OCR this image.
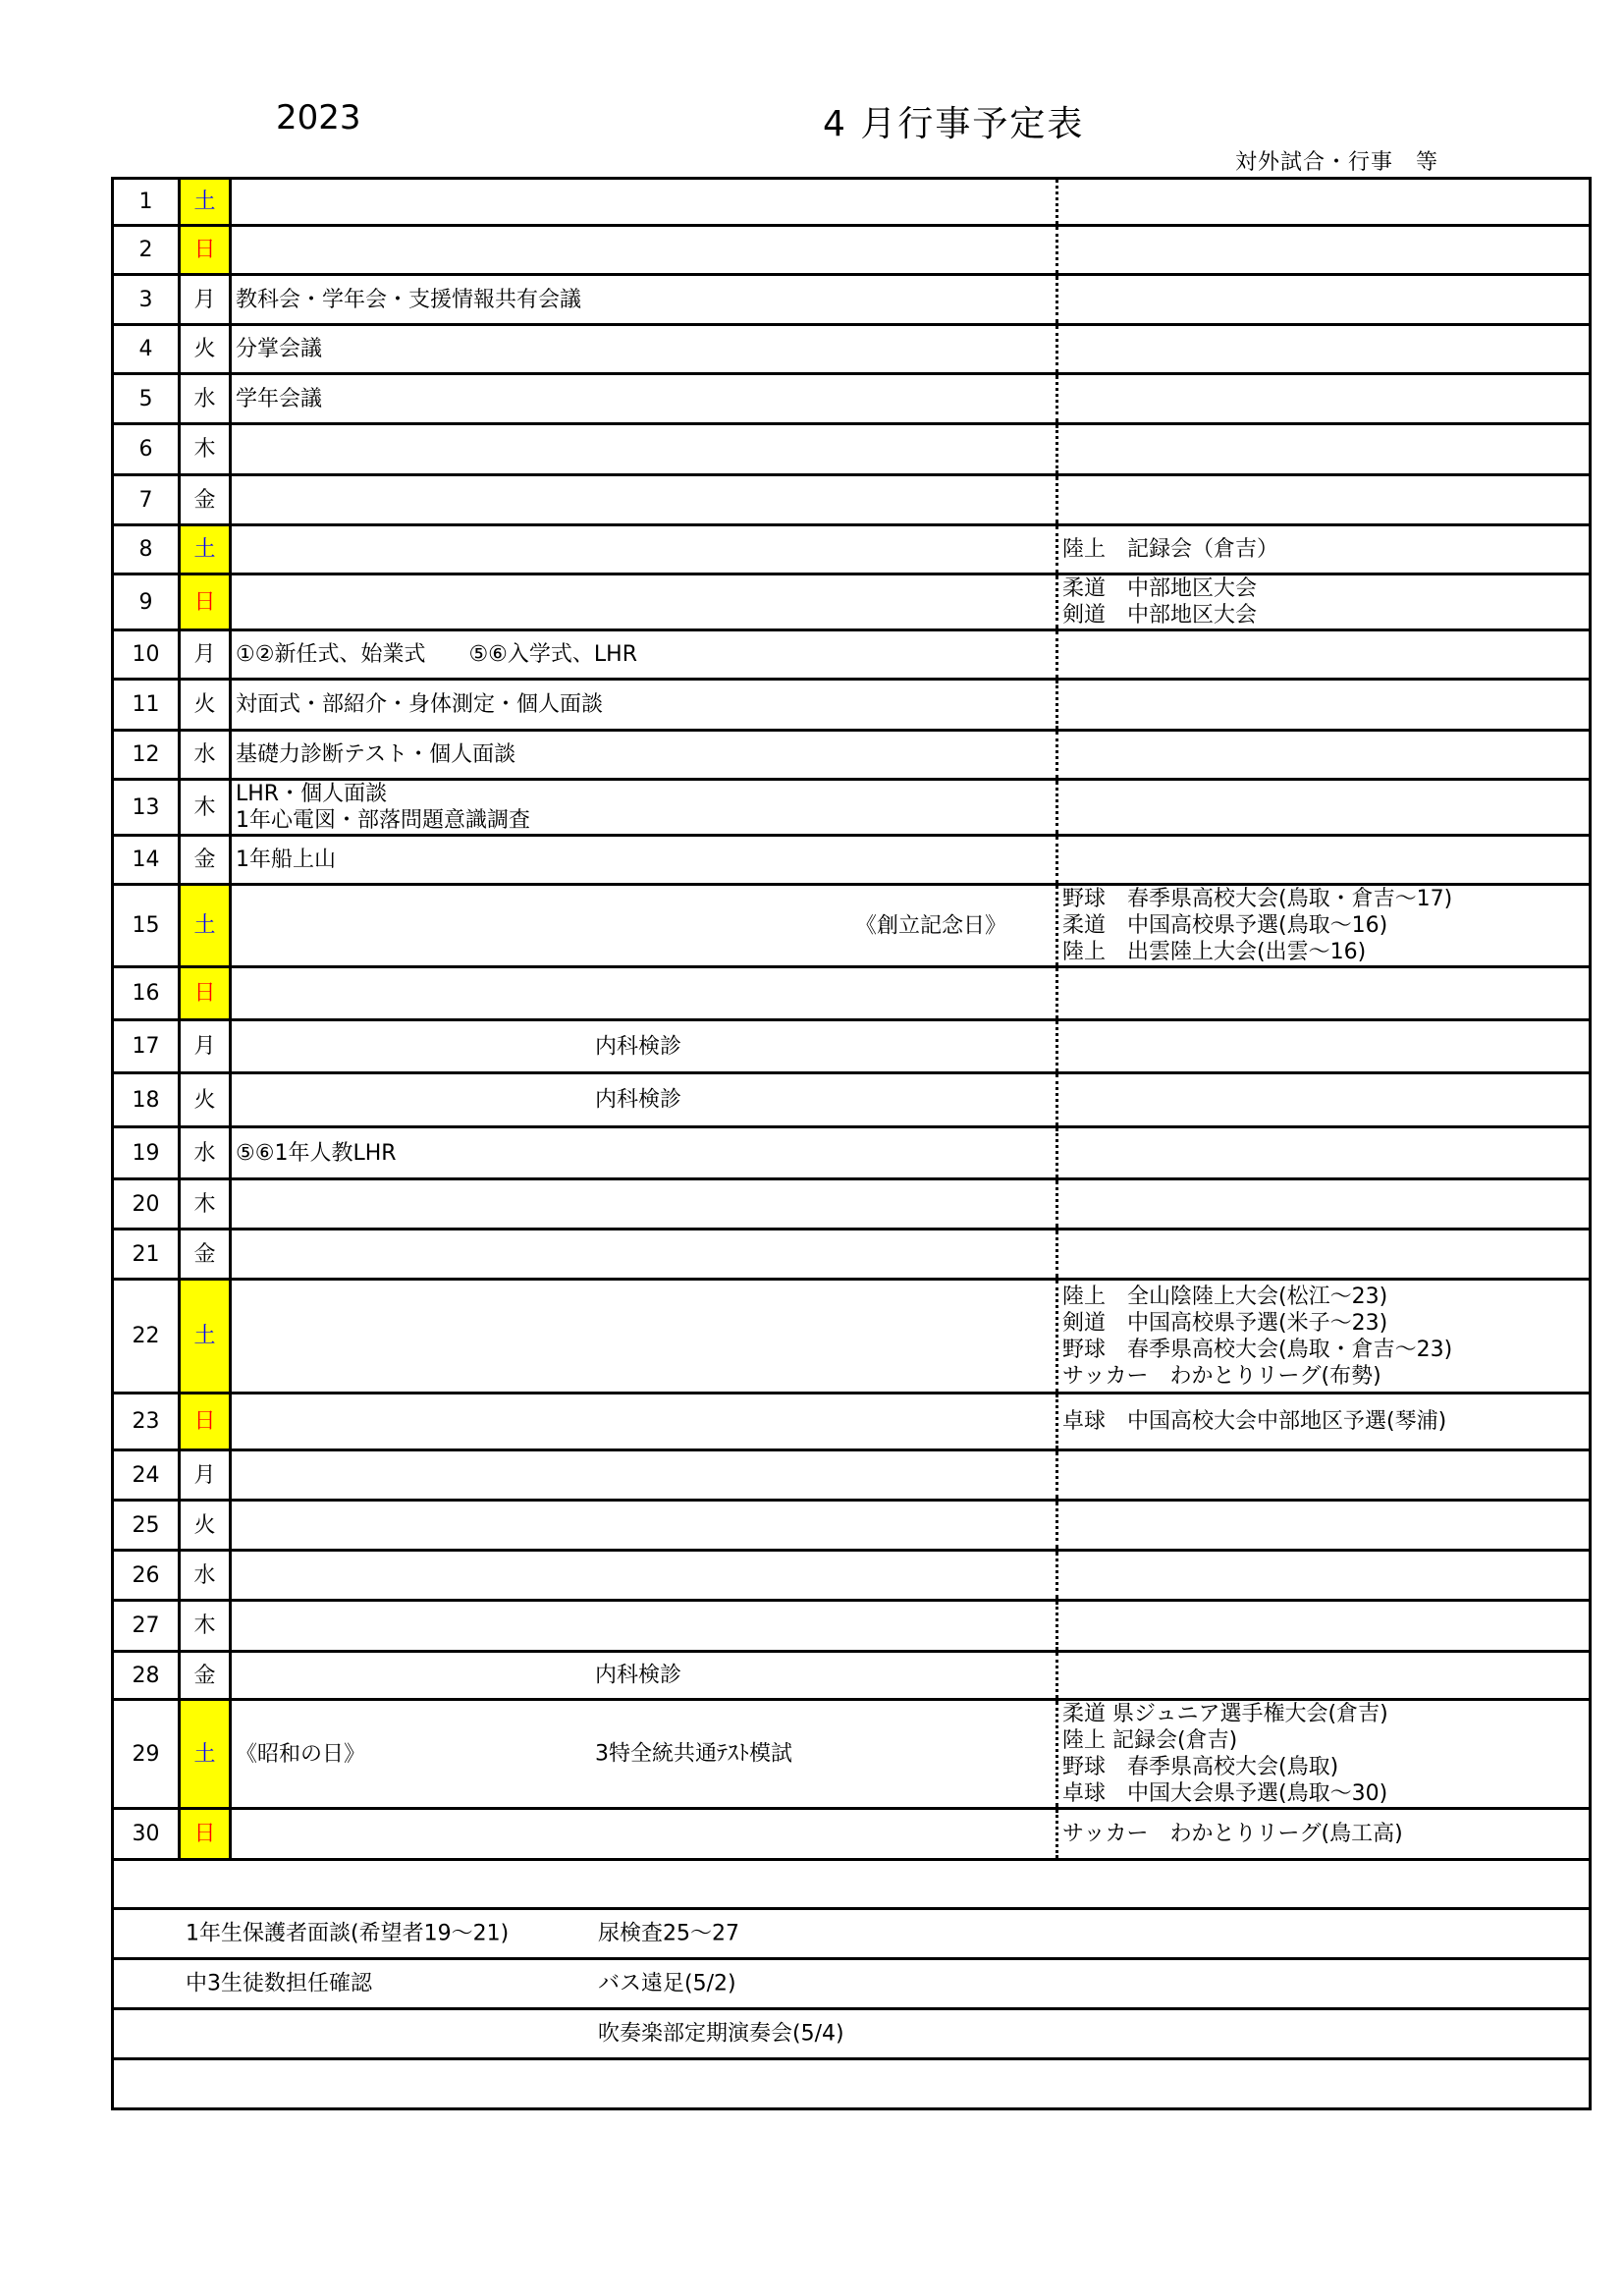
2023	4 月行事予定表
対外試合・行事　等
1	土		
2	日		
3	月	教科会・学年会・支援情報共有会議	

4	火	分掌会議	

5	水	学年会議	

6	木		
7	金		
8	土		陸上　記録会（倉吉）

9	日		柔道　中部地区大会
剣道　中部地区大会

10	月	①②新任式、始業式　　⑤⑥入学式、LHR	

11	火	対面式・部紹介・身体測定・個人面談	

12	水	基礎力診断テスト・個人面談	

13	木	LHR・個人面談
1年心電図・部落問題意識調査	

14	金	1年船上山	

15	土	《創立記念日》	野球　春季県高校大会(鳥取・倉吉～17)
柔道　中国高校県予選(鳥取～16)
陸上　出雲陸上大会(出雲～16)

16	日		
17	月	内科検診	

18	火	内科検診	

19	水	⑤⑥1年人教LHR	

20	木		
21	金		
22	土		陸上　全山陰陸上大会(松江～23)
剣道　中国高校県予選(米子～23)
野球　春季県高校大会(鳥取・倉吉～23)
サッカー　わかとりリーグ(布勢)

23	日		卓球　中国高校大会中部地区予選(琴浦)

24	月		
25	火		
26	水		
27	木		
28	金	内科検診	

29	土	《昭和の日》 3特全統共通ﾃｽﾄ模試	柔道 県ジュニア選手権大会(倉吉)
陸上 記録会(倉吉)
野球　春季県高校大会(鳥取)
卓球　中国大会県予選(鳥取～30)

30	日		サッカー　わかとりリーグ(鳥工高)

1年生保護者面談(希望者19～21) 尿検査25～27			

中3生徒数担任確認 バス遠足(5/2)			

吹奏楽部定期演奏会(5/4)			
